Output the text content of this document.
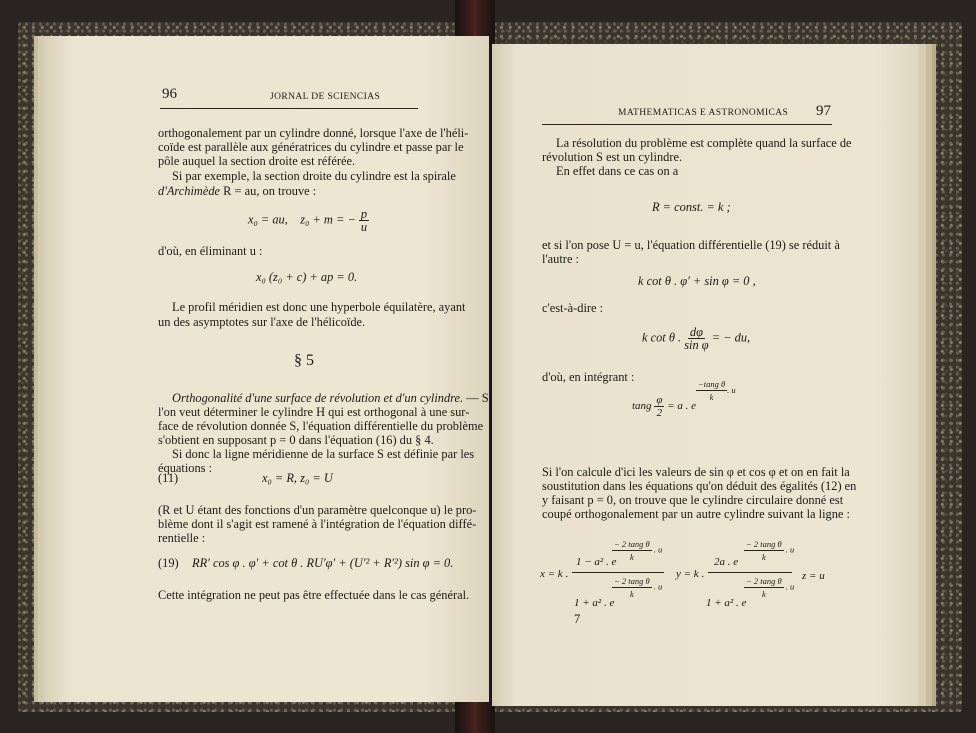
96	JORNAL DE SCIENCIAS
orthogonalement par un cylindre donné, lorsque l'axe de l'héli-
coïde est parallèle aux génératrices du cylindre et passe par le
pôle auquel la section droite est référée.
Si par exemple, la section droite du cylindre est la spirale
d'Archimède R = au, on trouve :
x₀ = au, z₀ + m = − $\frac{p}{u}$
d'où, en éliminant u :
x₀ (z₀ + c) + ap = 0.
Le profil méridien est donc une hyperbole équilatère, ayant
un des asymptotes sur l'axe de l'hélicoïde.
§ 5
Orthogonalité d'une surface de révolution et d'un cylindre. — Si
l'on veut déterminer le cylindre H qui est orthogonal à une sur-
face de révolution donnée S, l'équation différentielle du problème
s'obtient en supposant p = 0 dans l'équation (16) du § 4.
Si donc la ligne méridienne de la surface S est définie par les
équations :
(11)	x₀ = R, z₀ = U
(R et U étant des fonctions d'un paramètre quelconque u) le pro-
blème dont il s'agit est ramené à l'intégration de l'équation diffé-
rentielle :
(19) RR′ cos φ . φ′ + cot θ . RU′φ′ + (U′² + R′²) sin φ = 0.
Cette intégration ne peut pas être effectuée dans le cas général.
MATHEMATICAS E ASTRONOMICAS 97
La résolution du problème est complète quand la surface de
révolution S est un cylindre.
En effet dans ce cas on a
R = const. = k ;
et si l'on pose U = u, l'équation différentielle (19) se réduit à
l'autre :
k cot θ . φ′ + sin φ = 0 ,
c'est-à-dire :
k cot θ . $\frac{d\varphi}{\text{sin φ}}$ = − du,
d'où, en intégrant :
tang $\frac{\varphi}{2} = a$ . e
$\frac{\text{−tang θ}}{k} ^{. u}$
Si l'on calcule d'ici les valeurs de sin φ et cos φ et on en fait la
soustitution dans les équations qu'on déduit des égalités (12) en
y faisant p = 0, on trouve que le cylindre circulaire donné est
coupé orthogonalement par un autre cylindre suivant la ligne :
$\frac{\text{− 2 tang θ}}{k}$ . u
x = k .
1 − a² . e
$\frac{\text{− 2 tang θ}}{k}$ . u
1 + a² . e
$\frac{\text{− 2 tang θ}}{k}$ . u
y = k .
2a . e
$\frac{\text{− 2 tang θ}}{k}$ . u
1 + a² . e
z = u
7
